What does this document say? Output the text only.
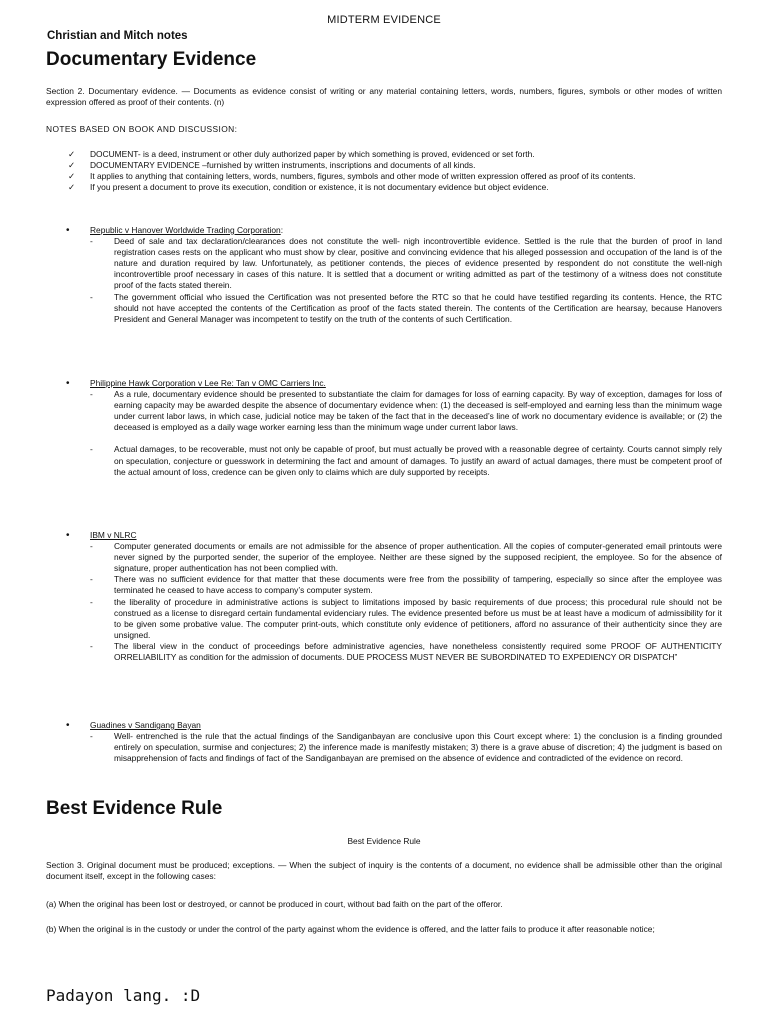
MIDTERM EVIDENCE
Christian and Mitch notes
Documentary Evidence
Section 2. Documentary evidence. — Documents as evidence consist of writing or any material containing letters, words, numbers, figures, symbols or other modes of written expression offered as proof of their contents. (n)
NOTES BASED ON BOOK AND DISCUSSION:
✓	DOCUMENT- is a deed, instrument or other duly authorized paper by which something is proved, evidenced or set forth.
✓	DOCUMENTARY EVIDENCE –furnished by written instruments, inscriptions and documents of all kinds.
✓	It applies to anything that containing letters, words, numbers, figures, symbols and other mode of written expression offered as proof of its contents.
✓	If you present a document to prove its execution, condition or existence, it is not documentary evidence but object evidence.
•	Republic v Hanover Worldwide Trading Corporation:
-	Deed of sale and tax declaration/clearances does not constitute the well- nigh incontrovertible evidence. Settled is the rule that the burden of proof in land registration cases rests on the applicant who must show by clear, positive and convincing evidence that his alleged possession and occupation of the land is of the nature and duration required by law. Unfortunately, as petitioner contends, the pieces of evidence presented by respondent do not constitute the well-nigh incontrovertible proof necessary in cases of this nature. It is settled that a document or writing admitted as part of the testimony of a witness does not constitute proof of the facts stated therein.
-	The government official who issued the Certification was not presented before the RTC so that he could have testified regarding its contents. Hence, the RTC should not have accepted the contents of the Certification as proof of the facts stated therein. The contents of the Certification are hearsay, because Hanovers President and General Manager was incompetent to testify on the truth of the contents of such Certification.
•	Philippine Hawk Corporation v Lee Re: Tan v OMC Carriers Inc.
-	As a rule, documentary evidence should be presented to substantiate the claim for damages for loss of earning capacity. By way of exception, damages for loss of earning capacity may be awarded despite the absence of documentary evidence when: (1) the deceased is self-employed and earning less than the minimum wage under current labor laws, in which case, judicial notice may be taken of the fact that in the deceased’s line of work no documentary evidence is available; or (2) the deceased is employed as a daily wage worker earning less than the minimum wage under current labor laws.
-	Actual damages, to be recoverable, must not only be capable of proof, but must actually be proved with a reasonable degree of certainty. Courts cannot simply rely on speculation, conjecture or guesswork in determining the fact and amount of damages. To justify an award of actual damages, there must be competent proof of the actual amount of loss, credence can be given only to claims which are duly supported by receipts.
•	IBM v NLRC
-	Computer generated documents or emails are not admissible for the absence of proper authentication. All the copies of computer-generated email printouts were never signed by the purported sender, the superior of the employee. Neither are these signed by the supposed recipient, the employee. So for the absence of signature, proper authentication has not been complied with.
-	There was no sufficient evidence for that matter that these documents were free from the possibility of tampering, especially so since after the employee was terminated he ceased to have access to company’s computer system.
-	the liberality of procedure in administrative actions is subject to limitations imposed by basic requirements of due process; this procedural rule should not be construed as a license to disregard certain fundamental evidenciary rules. The evidence presented before us must be at least have a modicum of admissibility for it to be given some probative value. The computer print-outs, which constitute only evidence of petitioners, afford no assurance of their authenticity since they are unsigned.
-	The liberal view in the conduct of proceedings before administrative agencies, have nonetheless consistently required some PROOF OF AUTHENTICITY ORRELIABILITY as condition for the admission of documents. DUE PROCESS MUST NEVER BE SUBORDINATED TO EXPEDIENCY OR DISPATCH”
•	Guadines v Sandigang Bayan
-	Well- entrenched is the rule that the actual findings of the Sandiganbayan are conclusive upon this Court except where: 1) the conclusion is a finding grounded entirely on speculation, surmise and conjectures; 2) the inference made is manifestly mistaken; 3) there is a grave abuse of discretion; 4) the judgment is based on misapprehension of facts and findings of fact of the Sandiganbayan are premised on the absence of evidence and contradicted of the evidence on record.
Best Evidence Rule
Best Evidence Rule
Section 3. Original document must be produced; exceptions. — When the subject of inquiry is the contents of a document, no evidence shall be admissible other than the original document itself, except in the following cases:
(a) When the original has been lost or destroyed, or cannot be produced in court, without bad faith on the part of the offeror.
(b) When the original is in the custody or under the control of the party against whom the evidence is offered, and the latter fails to produce it after reasonable notice;
Padayon lang. :D
